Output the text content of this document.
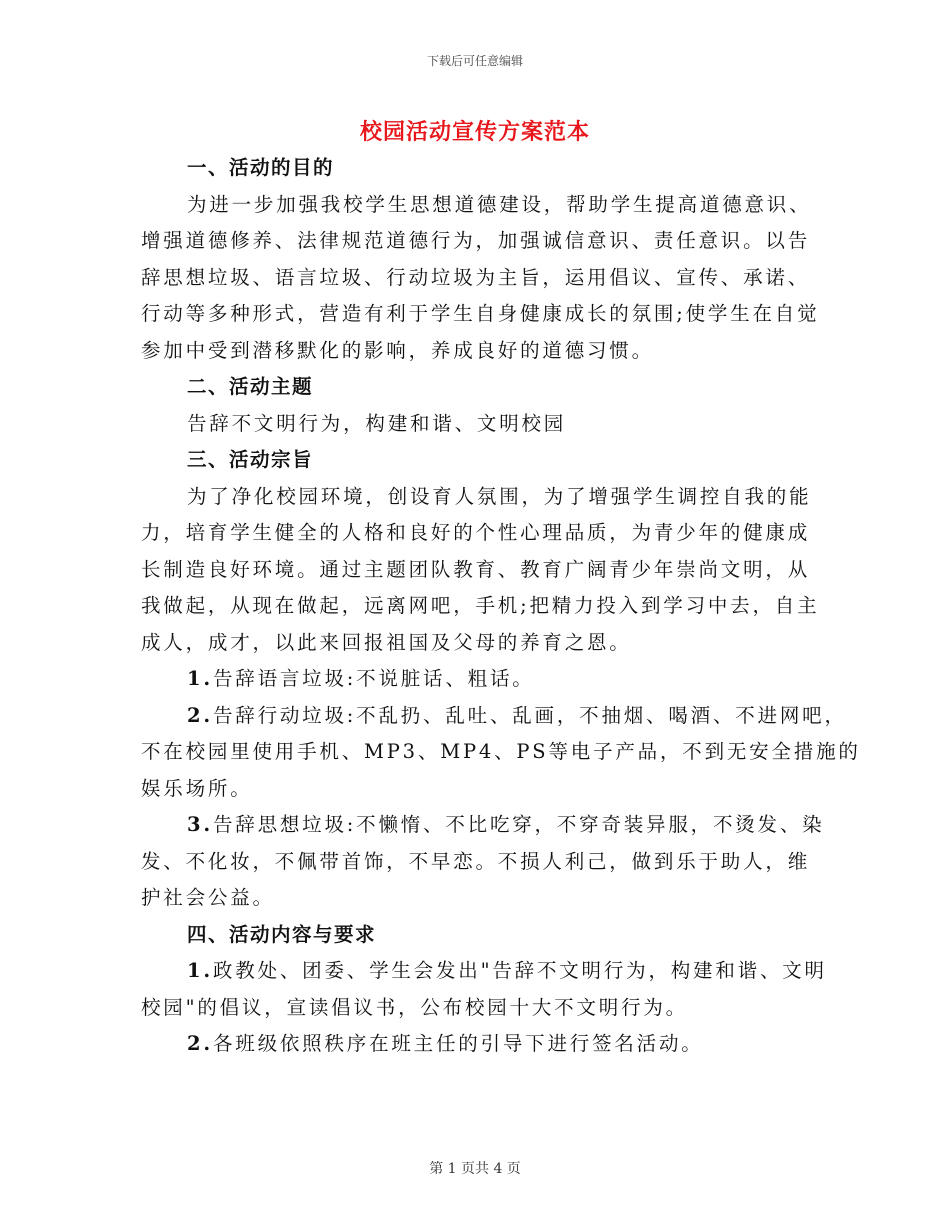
下载后可任意编辑
校园活动宣传方案范本
一、活动的目的
为进一步加强我校学生思想道德建设，帮助学生提高道德意识、
增强道德修养、法律规范道德行为，加强诚信意识、责任意识。以告
辞思想垃圾、语言垃圾、行动垃圾为主旨，运用倡议、宣传、承诺、
行动等多种形式，营造有利于学生自身健康成长的氛围;使学生在自觉
参加中受到潜移默化的影响，养成良好的道德习惯。
二、活动主题
告辞不文明行为，构建和谐、文明校园
三、活动宗旨
为了净化校园环境，创设育人氛围，为了增强学生调控自我的能
力，培育学生健全的人格和良好的个性心理品质，为青少年的健康成
长制造良好环境。通过主题团队教育、教育广阔青少年崇尚文明，从
我做起，从现在做起，远离网吧，手机;把精力投入到学习中去，自主
成人，成才，以此来回报祖国及父母的养育之恩。
1.告辞语言垃圾:不说脏话、粗话。
2.告辞行动垃圾:不乱扔、乱吐、乱画，不抽烟、喝酒、不进网吧，
不在校园里使用手机、MP3、MP4、PS等电子产品，不到无安全措施的
娱乐场所。
3.告辞思想垃圾:不懒惰、不比吃穿，不穿奇装异服，不烫发、染
发、不化妆，不佩带首饰，不早恋。不损人利己，做到乐于助人，维
护社会公益。
四、活动内容与要求
1.政教处、团委、学生会发出"告辞不文明行为，构建和谐、文明
校园"的倡议，宣读倡议书，公布校园十大不文明行为。
2.各班级依照秩序在班主任的引导下进行签名活动。
第 1 页共 4 页
